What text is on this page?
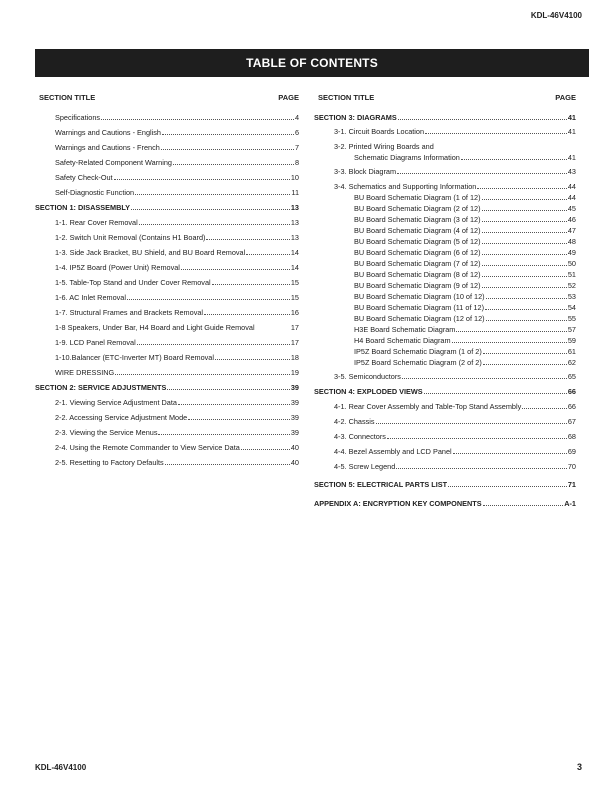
KDL-46V4100
TABLE OF CONTENTS
SECTION TITLE	PAGE
Specifications	4
Warnings and Cautions - English	6
Warnings and Cautions - French	7
Safety-Related Component Warning	8
Safety Check-Out	10
Self-Diagnostic Function	11
SECTION 1: DISASSEMBLY	13
1-1. Rear Cover Removal	13
1-2. Switch Unit Removal (Contains H1 Board)	13
1-3. Side Jack Bracket, BU Shield, and BU Board Removal	14
1-4. IP5Z Board (Power Unit) Removal	14
1-5. Table-Top Stand and Under Cover Removal	15
1-6. AC Inlet Removal	15
1-7. Structural Frames and Brackets Removal	16
1-8 Speakers, Under Bar, H4 Board and Light Guide Removal	17
1-9. LCD Panel Removal	17
1-10.Balancer (ETC-Inverter MT) Board Removal	18
WIRE DRESSING	19
SECTION 2: SERVICE ADJUSTMENTS	39
2-1. Viewing Service Adjustment Data	39
2-2. Accessing Service Adjustment Mode	39
2-3. Viewing the Service Menus	39
2-4. Using the Remote Commander to View Service Data	40
2-5. Resetting to Factory Defaults	40
SECTION TITLE	PAGE
SECTION 3: DIAGRAMS	41
3-1. Circuit Boards Location	41
3-2. Printed Wiring Boards and
Schematic Diagrams Information	41
3-3. Block Diagram	43
3-4. Schematics and Supporting Information	44
BU Board Schematic Diagram (1 of 12)	44
BU Board Schematic Diagram (2 of 12)	45
BU Board Schematic Diagram (3 of 12)	46
BU Board Schematic Diagram (4 of 12)	47
BU Board Schematic Diagram (5 of 12)	48
BU Board Schematic Diagram (6 of 12)	49
BU Board Schematic Diagram (7 of 12)	50
BU Board Schematic Diagram (8 of 12)	51
BU Board Schematic Diagram (9 of 12)	52
BU Board Schematic Diagram (10 of 12)	53
BU Board Schematic Diagram (11 of 12)	54
BU Board Schematic Diagram (12 of 12)	55
H3E Board Schematic Diagram	57
H4 Board Schematic Diagram	59
IP5Z Board Schematic Diagram (1 of 2)	61
IP5Z Board Schematic Diagram (2 of 2)	62
3-5. Semiconductors	65
SECTION 4: EXPLODED VIEWS	66
4-1. Rear Cover Assembly and Table-Top Stand Assembly	66
4-2. Chassis	67
4-3. Connectors	68
4-4. Bezel Assembly and LCD Panel	69
4-5. Screw Legend	70
SECTION 5: ELECTRICAL PARTS LIST	71
APPENDIX A: ENCRYPTION KEY COMPONENTS	A-1
KDL-46V4100	3
